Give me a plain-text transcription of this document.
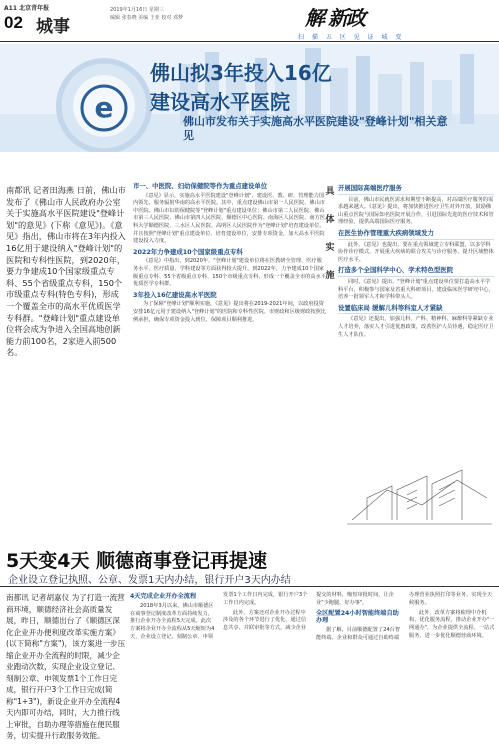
A11 北京青年报
02 城事
2019年1月16日 星期三
编辑 张春晓 美编 王亚 校对 邓梦	解 新政
扫 描 五 区 见 证 城 变
e
佛山拟3年投入16亿
建设高水平医院
佛山市发布关于实施高水平医院建设"登峰计划"相关意见
南都讯 记者田海燕 日前，佛山市发布了《佛山市人民政府办公室关于实施高水平医院建设"登峰计划"的意见》(下称《意见》)。《意见》指出，佛山市将在3年内投入16亿用于建设纳入"登峰计划"的医院和专科性医院，到2020年，要力争建成10个国家级重点专科、55个省级重点专科，150个市级重点专科(特色专科)，形成一个覆盖全市的高水平优质医学专科群。"登峰计划"重点建设单位将会成为争进入全国高地创新能力前100名，2家进入前500名。
市一、中医院、妇幼保健院等作为重点建设单位

《意见》显示，实施高水平医院建设"登峰计划"，建设医、教、研、管理能力国内领先、服务辐射华南的高水平医院。其中，重点建设佛山市第一人民医院、佛山市中医院、佛山市妇幼保健院等"登峰计划"重点建设单位；佛山市第二人民医院、佛山市第三人民医院、佛山市第四人民医院、顺德区中心医院、南海区人民医院、南方医科大学顺德医院、三水区人民医院、高明区人民医院作为"登峰计划"培育建设单位。并且按照"登峰计划"重点建设单位、培育建设单位，安排专项资金，加大高水平医院建设投入力度。

2022年力争建成10个国家级重点专科

《意见》中指出，到2020年，"登峰计划"建设单位将在医教研全管理、医疗服务水平、医疗质量、学科建设等方面获得较大提升。到2022年，力争建成10个国家级重点专科、55个省级重点专科、150个市级重点专科，形成一个覆盖全市的高水平优质医学专科群。

3年投入16亿建设高水平医院

为了保障"登峰计划"顺利实施，《意见》提出将在2019-2021年间，以政府投资安排16亿元用于建设纳入"登峰计划"的医院和专科性医院。市财政和区级财政按照比例承担，确保专项资金投入到位，保障项目顺利推进。

具
体
实
施
开展国际高端医疗服务

目前，佛山市民就医需求和期望不断提高，对高端医疗服务的需求越来越大。《意见》提出，将加快推进医疗卫生对外开放，鼓励佛山重点医院与国际知名医院开展合作，引进国际先进的医疗技术和管理经验，提供高端国际医疗服务。

在医生协作管理重大疾病领域发力

此外，《意见》也提出，要在重点领域建立专科联盟，以多学科协作诊疗模式，开展重大疾病的联合攻关与诊疗服务，提升区域整体医疗水平。

打造多个全国科学中心、学术特色型医院

同时，《意见》提出，"登峰计划"重点建设单位要打造高水平学科平台，积极参与国家及省重大科研项目，建设临床医学研究中心，培养一批领军人才和学科带头人。

设置临床局 缓解儿科等科室人才紧缺

《意见》还提出，加强儿科、产科、精神科、麻醉科等紧缺专业人才培养，落实人才引进优惠政策，改善医护人员待遇，稳定医疗卫生人才队伍。

5天变4天 顺德商事登记再提速
企业设立登记执照、公章、发票1天内办结，银行开户3天内办结
南都讯 记者胡嘉仪 为了打造一流营商环境，顺德经济社会高质量发展，昨日，顺德出台了《顺德区深化企业开办便利度改革实施方案》(以下简称"方案")，该方案进一步压缩企业开办全流程的时限，减少企业跑动次数，实现企业设立登记、刻制公章、申领发票1个工作日完成，银行开户3个工作日完成(简称"1+3")，新设企业开办全流程4天内即可办结，同时，大力推行线上审批，自助办理等措施在便民服务，切实提升行政服务效能。
4天完成企业开办全流程

2018年3月以来，佛山市顺德区在商事登记制度改革方面持续发力，推行企业开办全流程5天完成。此次方案将企业开办全流程从5天缩短为4天，企业设立登记、刻制公章、申领发票1个工作日内完成，银行开户3个工作日内完成。

此外，方案还对企业开办过程中涉及的各个环节进行了优化，通过信息共享、并联审批等方式，减少企业提交的材料，缩短审批时间，让企业"少跑腿、好办事"。

全区配置24小时智能终端自助办理

据了解，目前顺德配置了24台智能终端，企业和群众可通过自助终端办理营业执照打印等业务，实现全天候服务。

此外，改革方案将梳理中介机构、优化服务流程，推动企业开办"一网通办"，为企业提供全流程、一站式服务，进一步优化顺德营商环境。
